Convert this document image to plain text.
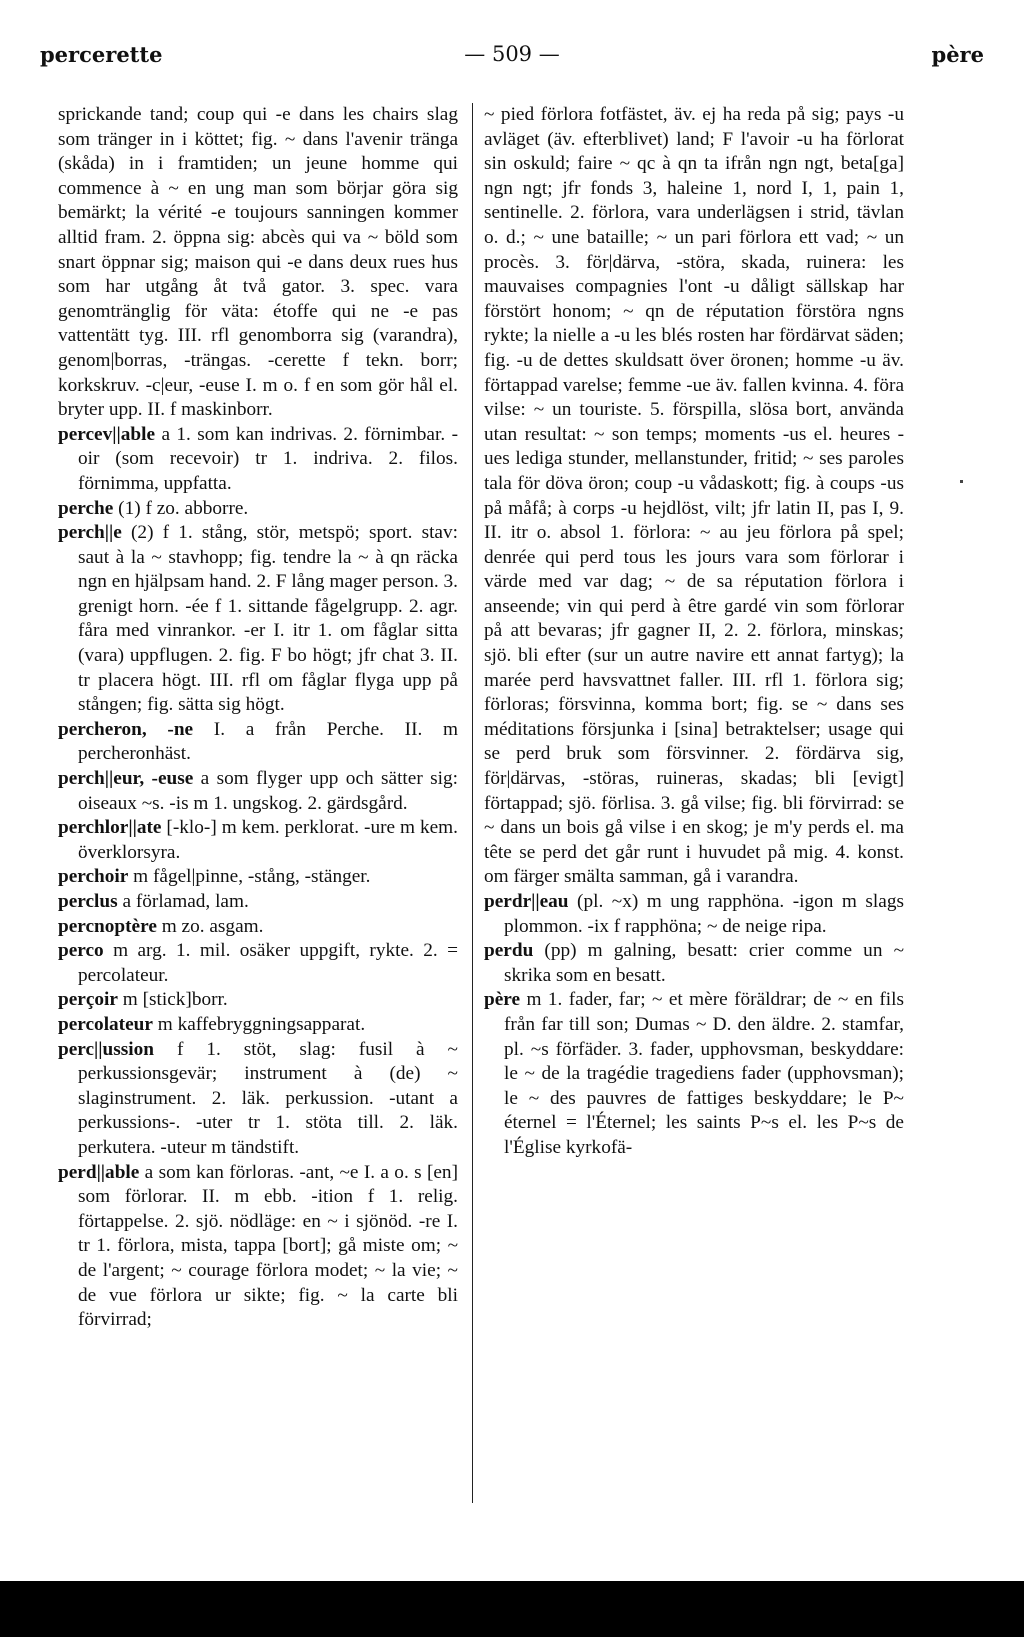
percerette	— 509 —	père

sprickande tand; coup qui -e dans les chairs slag som tränger in i köttet; fig. ~ dans l'avenir tränga (skåda) in i framtiden; un jeune homme qui commence à ~ en ung man som börjar göra sig bemärkt; la vérité -e toujours sanningen kommer alltid fram. 2. öppna sig: abcès qui va ~ böld som snart öppnar sig; maison qui -e dans deux rues hus som har utgång åt två gator. 3. spec. vara genomtränglig för väta: étoffe qui ne -e pas vattentätt tyg. III. rfl genomborra sig (varandra), genom|borras, -trängas. -cerette f tekn. borr; korkskruv. -c|eur, -euse I. m o. f en som gör hål el. bryter upp. II. f maskinborr.

percev||able a 1. som kan indrivas. 2. förnimbar. -oir (som recevoir) tr 1. indriva. 2. filos. förnimma, uppfatta.

perche (1) f zo. abborre.

perch||e (2) f 1. stång, stör, metspö; sport. stav: saut à la ~ stavhopp; fig. tendre la ~ à qn räcka ngn en hjälpsam hand. 2. F lång mager person. 3. grenigt horn. -ée f 1. sittande fågelgrupp. 2. agr. fåra med vinrankor. -er I. itr 1. om fåglar sitta (vara) uppflugen. 2. fig. F bo högt; jfr chat 3. II. tr placera högt. III. rfl om fåglar flyga upp på stången; fig. sätta sig högt.

percheron, -ne I. a från Perche. II. m percheronhäst.

perch||eur, -euse a som flyger upp och sätter sig: oiseaux ~s. -is m 1. ungskog. 2. gärdsgård.

perchlor||ate [-klo-] m kem. perklorat. -ure m kem. överklorsyra.

perchoir m fågel|pinne, -stång, -stänger.

perclus a förlamad, lam.

percnoptère m zo. asgam.

perco m arg. 1. mil. osäker uppgift, rykte. 2. = percolateur.

perçoir m [stick]borr.

percolateur m kaffebryggningsapparat.

perc||ussion f 1. stöt, slag: fusil à ~ perkussionsgevär; instrument à (de) ~ slaginstrument. 2. läk. perkussion. -utant a perkussions-. -uter tr 1. stöta till. 2. läk. perkutera. -uteur m tändstift.

perd||able a som kan förloras. -ant, ~e I. a o. s [en] som förlorar. II. m ebb. -ition f 1. relig. förtappelse. 2. sjö. nödläge: en ~ i sjönöd. -re I. tr 1. förlora, mista, tappa [bort]; gå miste om; ~ de l'argent; ~ courage förlora modet; ~ la vie; ~ de vue förlora ur sikte; fig. ~ la carte bli förvirrad;

~ pied förlora fotfästet, äv. ej ha reda på sig; pays -u avläget (äv. efterblivet) land; F l'avoir -u ha förlorat sin oskuld; faire ~ qc à qn ta ifrån ngn ngt, beta[ga] ngn ngt; jfr fonds 3, haleine 1, nord I, 1, pain 1, sentinelle. 2. förlora, vara underlägsen i strid, tävlan o. d.; ~ une bataille; ~ un pari förlora ett vad; ~ un procès. 3. för|därva, -störa, skada, ruinera: les mauvaises compagnies l'ont -u dåligt sällskap har förstört honom; ~ qn de réputation förstöra ngns rykte; la nielle a -u les blés rosten har fördärvat säden; fig. -u de dettes skuldsatt över öronen; homme -u äv. förtappad varelse; femme -ue äv. fallen kvinna. 4. föra vilse: ~ un touriste. 5. förspilla, slösa bort, använda utan resultat: ~ son temps; moments -us el. heures -ues lediga stunder, mellanstunder, fritid; ~ ses paroles tala för döva öron; coup -u vådaskott; fig. à coups -us på måfå; à corps -u hejdlöst, vilt; jfr latin II, pas I, 9. II. itr o. absol 1. förlora: ~ au jeu förlora på spel; denrée qui perd tous les jours vara som förlorar i värde med var dag; ~ de sa réputation förlora i anseende; vin qui perd à être gardé vin som förlorar på att bevaras; jfr gagner II, 2. 2. förlora, minskas; sjö. bli efter (sur un autre navire ett annat fartyg); la marée perd havsvattnet faller. III. rfl 1. förlora sig; förloras; försvinna, komma bort; fig. se ~ dans ses méditations försjunka i [sina] betraktelser; usage qui se perd bruk som försvinner. 2. fördärva sig, för|därvas, -störas, ruineras, skadas; bli [evigt] förtappad; sjö. förlisa. 3. gå vilse; fig. bli förvirrad: se ~ dans un bois gå vilse i en skog; je m'y perds el. ma tête se perd det går runt i huvudet på mig. 4. konst. om färger smälta samman, gå i varandra.

perdr||eau (pl. ~x) m ung rapphöna. -igon m slags plommon. -ix f rapphöna; ~ de neige ripa.

perdu (pp) m galning, besatt: crier comme un ~ skrika som en besatt.

père m 1. fader, far; ~ et mère föräldrar; de ~ en fils från far till son; Dumas ~ D. den äldre. 2. stamfar, pl. ~s förfäder. 3. fader, upphovsman, beskyddare: le ~ de la tragédie tragediens fader (upphovsman); le ~ des pauvres de fattiges beskyddare; le P~ éternel = l'Éternel; les saints P~s el. les P~s de l'Église kyrkofä-
